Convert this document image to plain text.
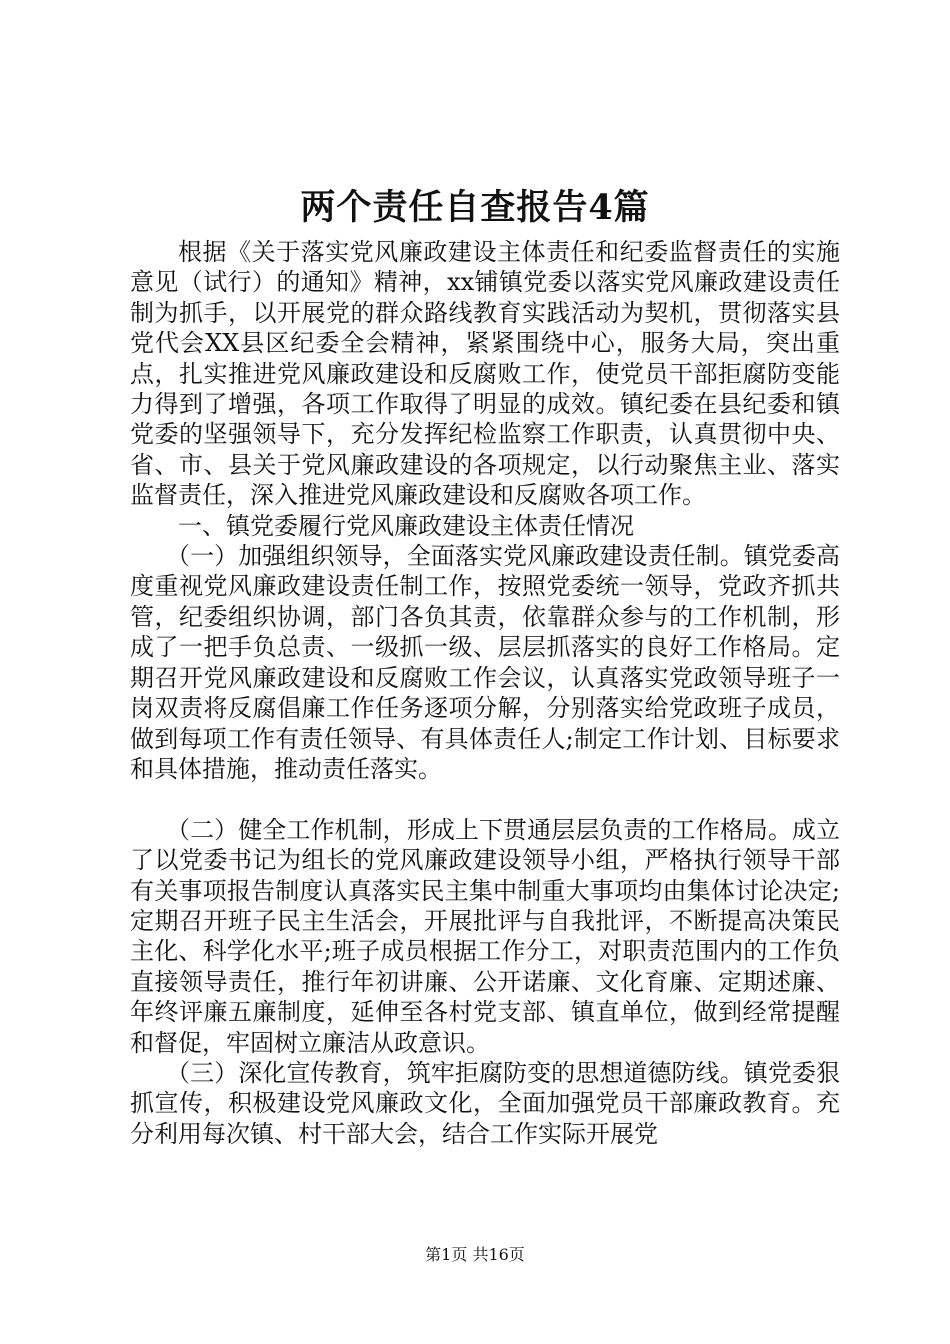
两个责任自查报告4篇

根据《关于落实党风廉政建设主体责任和纪委监督责任的实施意见（试行）的通知》精神，xx铺镇党委以落实党风廉政建设责任制为抓手，以开展党的群众路线教育实践活动为契机，贯彻落实县党代会XX县区纪委全会精神，紧紧围绕中心，服务大局，突出重点，扎实推进党风廉政建设和反腐败工作，使党员干部拒腐防变能力得到了增强，各项工作取得了明显的成效。镇纪委在县纪委和镇党委的坚强领导下，充分发挥纪检监察工作职责，认真贯彻中央、省、市、县关于党风廉政建设的各项规定，以行动聚焦主业、落实监督责任，深入推进党风廉政建设和反腐败各项工作。

一、镇党委履行党风廉政建设主体责任情况

（一）加强组织领导，全面落实党风廉政建设责任制。镇党委高度重视党风廉政建设责任制工作，按照党委统一领导，党政齐抓共管，纪委组织协调，部门各负其责，依靠群众参与的工作机制，形成了一把手负总责、一级抓一级、层层抓落实的良好工作格局。定期召开党风廉政建设和反腐败工作会议，认真落实党政领导班子一岗双责将反腐倡廉工作任务逐项分解，分别落实给党政班子成员，做到每项工作有责任领导、有具体责任人;制定工作计划、目标要求和具体措施，推动责任落实。

（二）健全工作机制，形成上下贯通层层负责的工作格局。成立了以党委书记为组长的党风廉政建设领导小组，严格执行领导干部有关事项报告制度认真落实民主集中制重大事项均由集体讨论决定;定期召开班子民主生活会，开展批评与自我批评，不断提高决策民主化、科学化水平;班子成员根据工作分工，对职责范围内的工作负直接领导责任，推行年初讲廉、公开诺廉、文化育廉、定期述廉、年终评廉五廉制度，延伸至各村党支部、镇直单位，做到经常提醒和督促，牢固树立廉洁从政意识。

（三）深化宣传教育，筑牢拒腐防变的思想道德防线。镇党委狠抓宣传，积极建设党风廉政文化，全面加强党员干部廉政教育。充分利用每次镇、村干部大会，结合工作实际开展党

第1页 共16页
